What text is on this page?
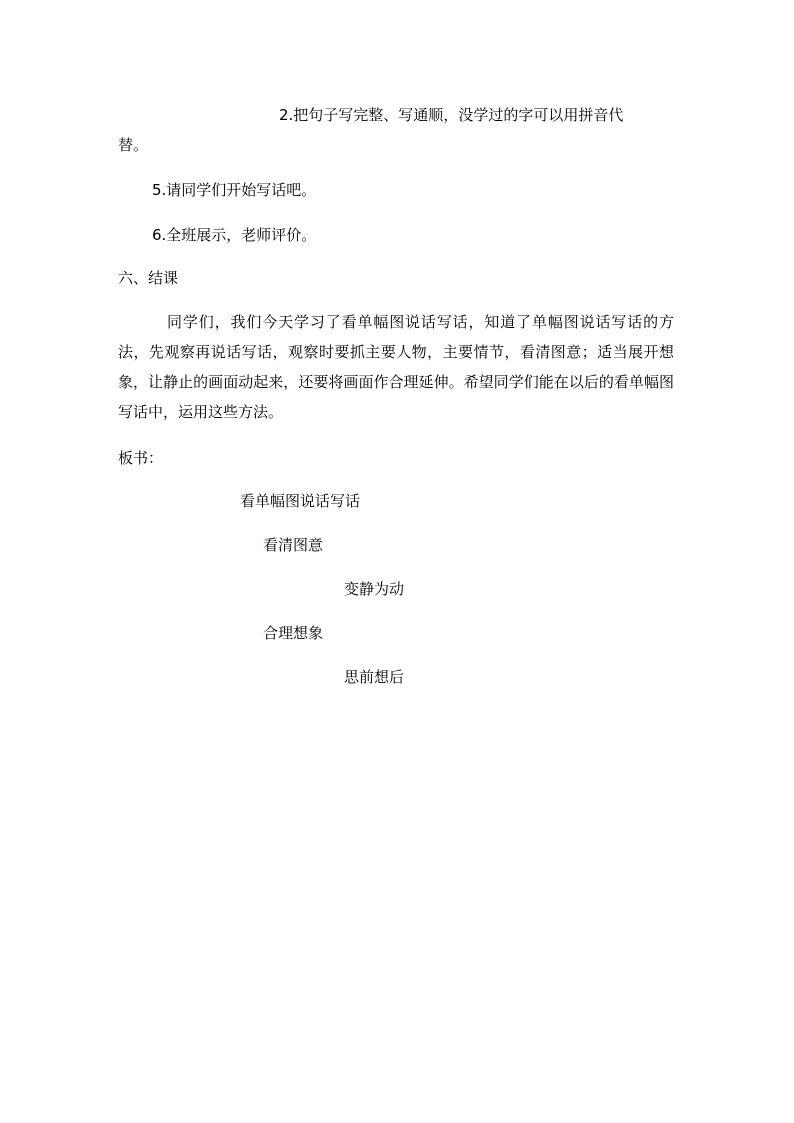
2.把句子写完整、写通顺，没学过的字可以用拼音代
替。
5.请同学们开始写话吧。
6.全班展示，老师评价。
六、结课
同学们，我们今天学习了看单幅图说话写话，知道了单幅图说话写话的方法，先观察再说话写话，观察时要抓主要人物，主要情节，看清图意；适当展开想象，让静止的画面动起来，还要将画面作合理延伸。希望同学们能在以后的看单幅图写话中，运用这些方法。
板书：
看单幅图说话写话
看清图意
变静为动
合理想象
思前想后
